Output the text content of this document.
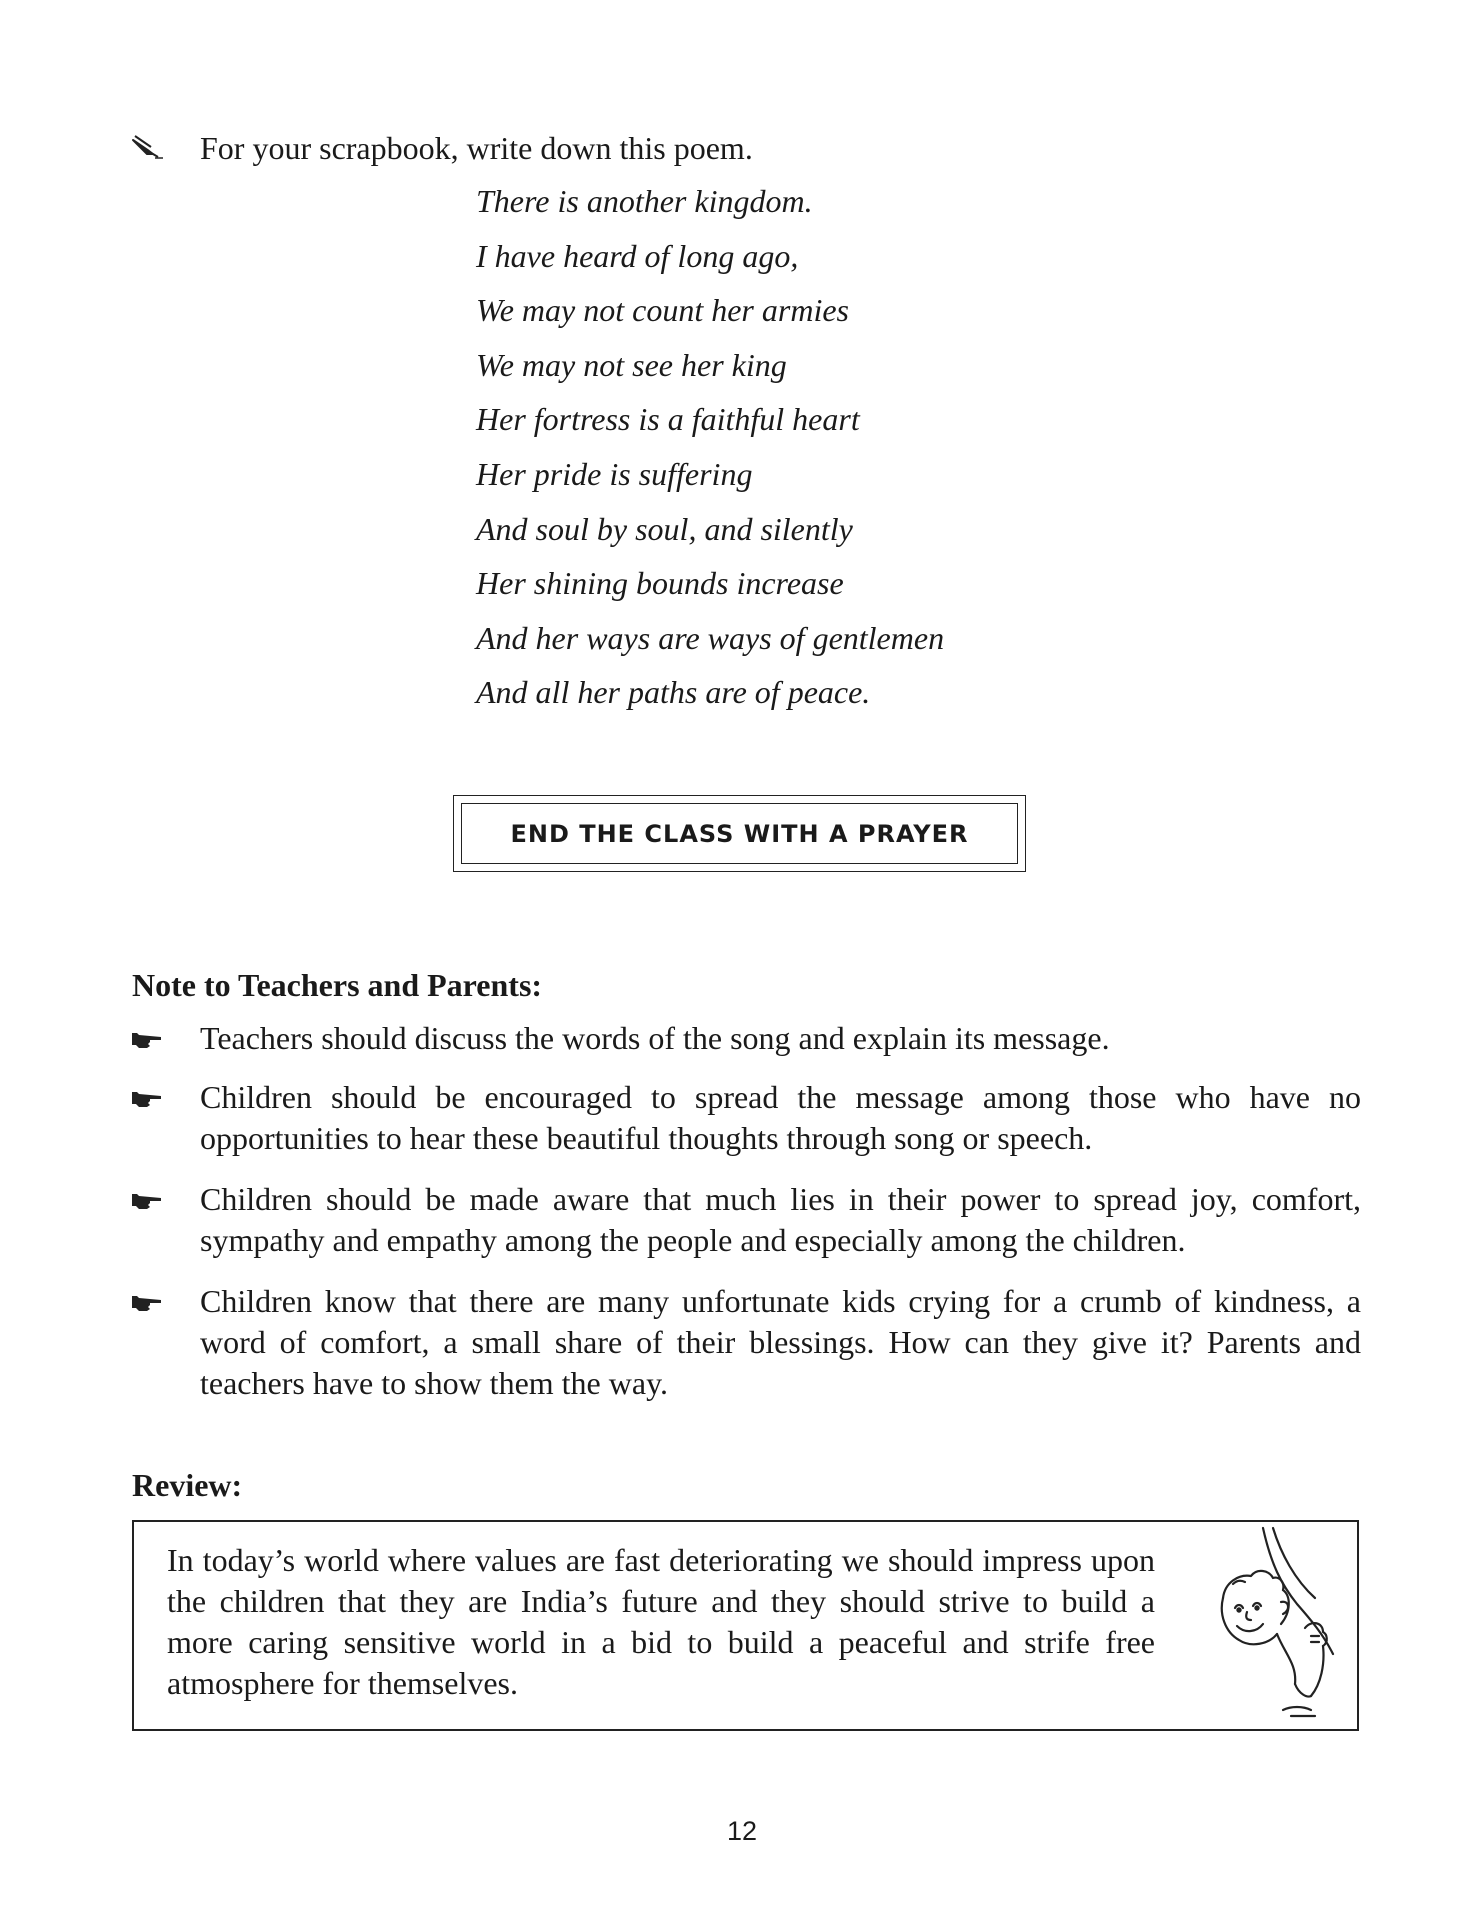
For your scrapbook, write down this poem.
There is another kingdom.
I have heard of long ago,
We may not count her armies
We may not see her king
Her fortress is a faithful heart
Her pride is suffering
And soul by soul, and silently
Her shining bounds increase
And her ways are ways of gentlemen
And all her paths are of peace.
END THE CLASS WITH A PRAYER
Note to Teachers and Parents:
Teachers should discuss the words of the song and explain its message.
Children should be encouraged to spread the message among those who have no opportunities to hear these beautiful thoughts through song or speech.
Children should be made aware that much lies in their power to spread joy, comfort, sympathy and empathy among the people and especially among the children.
Children know that there are many unfortunate kids crying for a crumb of kindness, a word of comfort, a small share of their blessings. How can they give it? Parents and teachers have to show them the way.
Review:
In today’s world where values are fast deteriorating we should impress upon the children that they are India’s future and they should strive to build a more caring sensitive world in a bid to build a peaceful and strife free atmosphere for themselves.
12
